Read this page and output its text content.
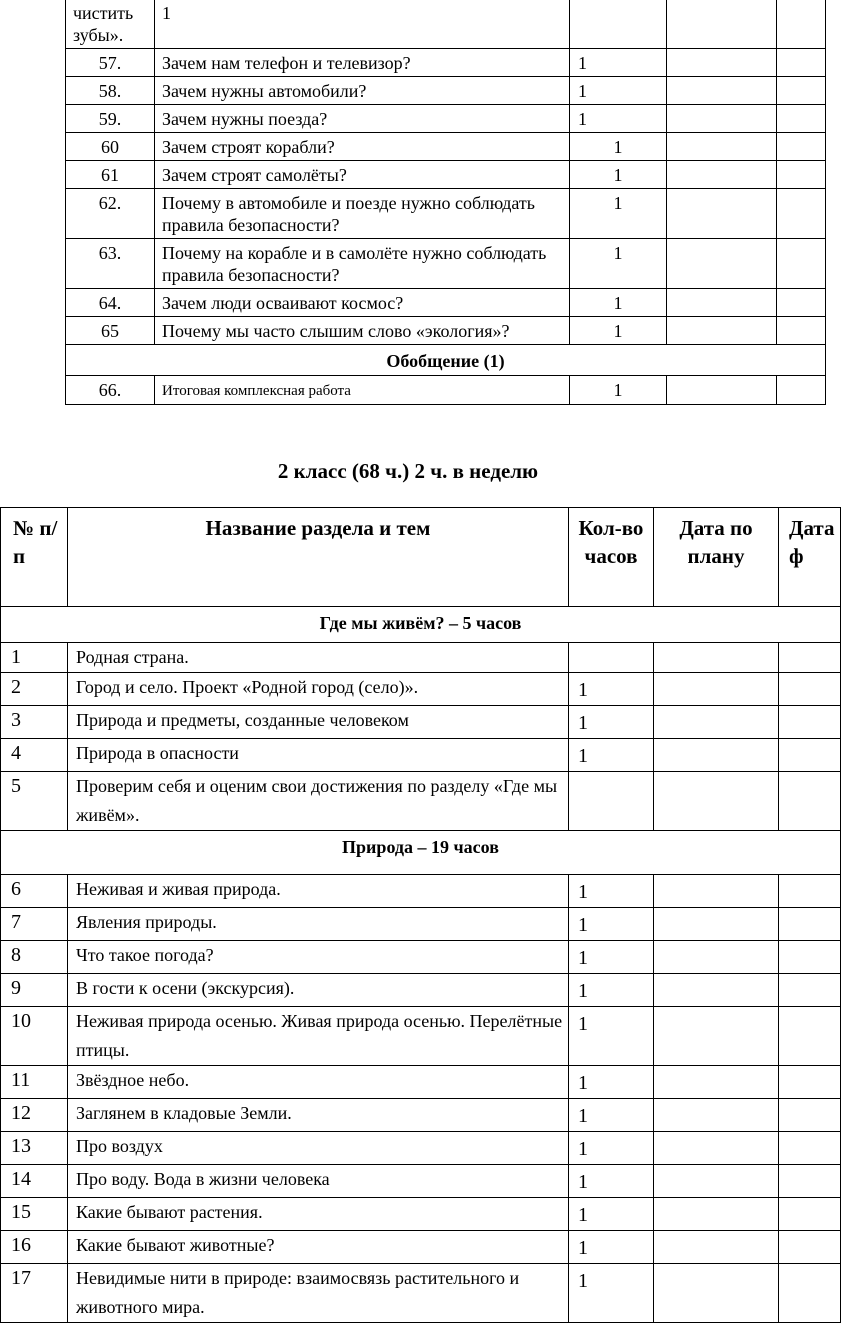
чистить зубы».	1			
57.	Зачем нам телефон и телевизор?	1		
58.	Зачем нужны автомобили?	1		
59.	Зачем нужны поезда?	1		
60	Зачем строят корабли?	1		
61	Зачем строят самолёты?	1		
62.	Почему в автомобиле и поезде нужно соблюдать правила безопасности?	1		
63.	Почему на корабле и в самолёте нужно соблюдать правила безопасности?	1		
64.	Зачем люди осваивают космос?	1		
65	Почему мы часто слышим слово «экология»?	1		
Обобщение (1)				
66.	Итоговая комплексная работа	1		
2 класс (68 ч.) 2 ч. в неделю
№ п/п	Название раздела и тем	Кол-во часов	Дата по плану	Дата ф
Где мы живём? – 5 часов				
1	Родная страна.			
2	Город и село. Проект «Родной город (село)».	1		
3	Природа и предметы, созданные человеком	1		
4	Природа в опасности	1		
5	Проверим себя и оценим свои достижения по разделу «Где мы живём».			
Природа – 19 часов				
6	Неживая и живая природа.	1		
7	Явления природы.	1		
8	Что такое погода?	1		
9	В гости к осени (экскурсия).	1		
10	Неживая природа осенью. Живая природа осенью. Перелётные птицы.	1		
11	Звёздное небо.	1		
12	Заглянем в кладовые Земли.	1		
13	Про воздух	1		
14	Про воду. Вода в жизни человека	1		
15	Какие бывают растения.	1		
16	Какие бывают животные?	1		
17	Невидимые нити в природе: взаимосвязь растительного и животного мира.	1		
